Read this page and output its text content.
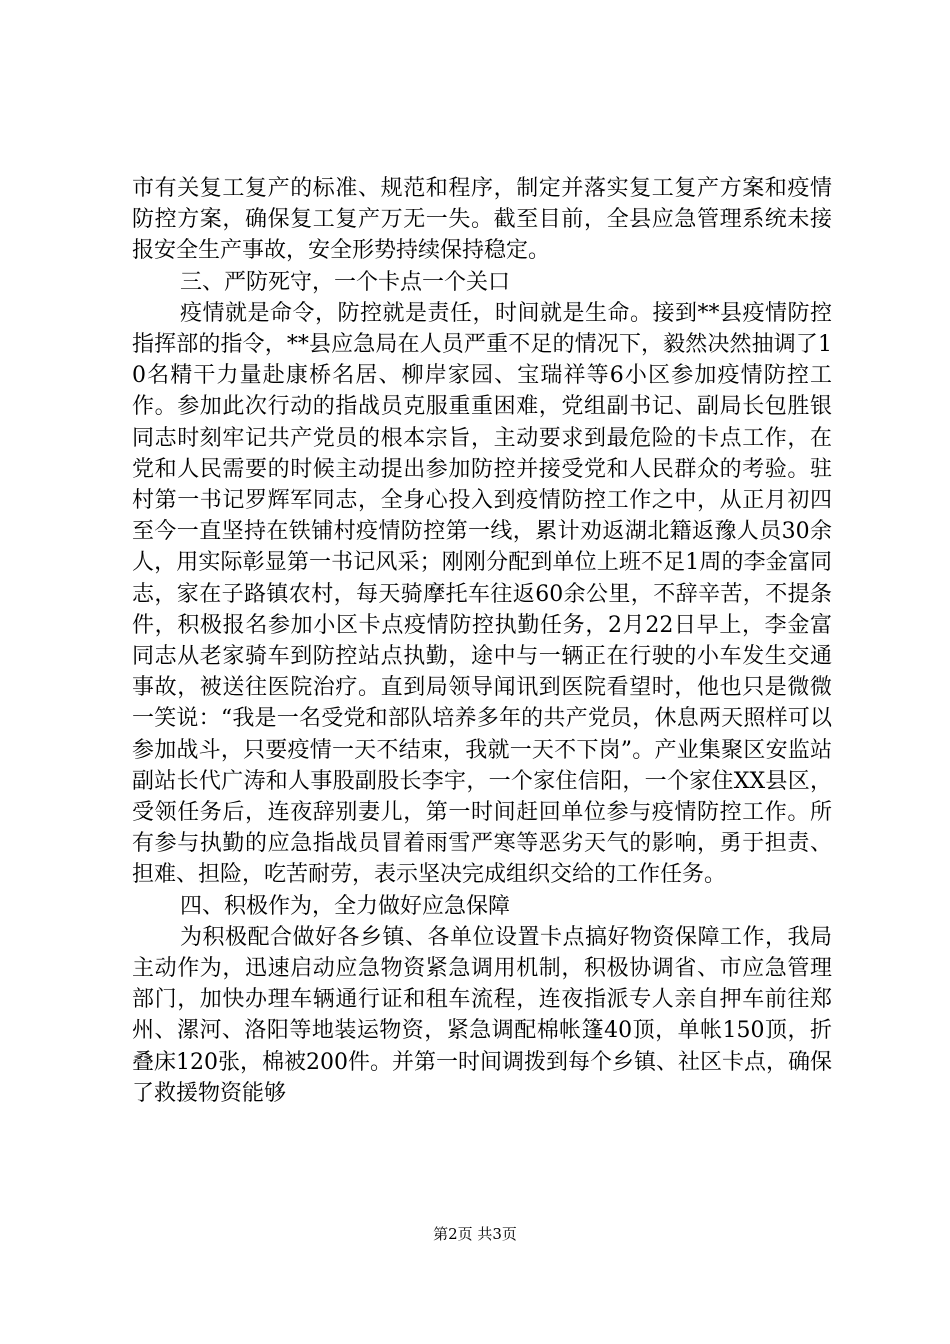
市有关复工复产的标准、规范和程序，制定并落实复工复产方案和疫情防控方案，确保复工复产万无一失。截至目前，全县应急管理系统未接报安全生产事故，安全形势持续保持稳定。

三、严防死守，一个卡点一个关口

疫情就是命令，防控就是责任，时间就是生命。接到**县疫情防控指挥部的指令，**县应急局在人员严重不足的情况下，毅然决然抽调了10名精干力量赴康桥名居、柳岸家园、宝瑞祥等6小区参加疫情防控工作。参加此次行动的指战员克服重重困难，党组副书记、副局长包胜银同志时刻牢记共产党员的根本宗旨，主动要求到最危险的卡点工作，在党和人民需要的时候主动提出参加防控并接受党和人民群众的考验。驻村第一书记罗辉军同志，全身心投入到疫情防控工作之中，从正月初四至今一直坚持在铁铺村疫情防控第一线，累计劝返湖北籍返豫人员30余人，用实际彰显第一书记风采；刚刚分配到单位上班不足1周的李金富同志，家在子路镇农村，每天骑摩托车往返60余公里，不辞辛苦，不提条件，积极报名参加小区卡点疫情防控执勤任务，2月22日早上，李金富同志从老家骑车到防控站点执勤，途中与一辆正在行驶的小车发生交通事故，被送往医院治疗。直到局领导闻讯到医院看望时，他也只是微微一笑说：“我是一名受党和部队培养多年的共产党员，休息两天照样可以参加战斗，只要疫情一天不结束，我就一天不下岗”。产业集聚区安监站副站长代广涛和人事股副股长李宇，一个家住信阳，一个家住XX县区，受领任务后，连夜辞别妻儿，第一时间赶回单位参与疫情防控工作。所有参与执勤的应急指战员冒着雨雪严寒等恶劣天气的影响，勇于担责、担难、担险，吃苦耐劳，表示坚决完成组织交给的工作任务。

四、积极作为，全力做好应急保障

为积极配合做好各乡镇、各单位设置卡点搞好物资保障工作，我局主动作为，迅速启动应急物资紧急调用机制，积极协调省、市应急管理部门，加快办理车辆通行证和租车流程，连夜指派专人亲自押车前往郑州、漯河、洛阳等地装运物资，紧急调配棉帐篷40顶，单帐150顶，折叠床120张，棉被200件。并第一时间调拨到每个乡镇、社区卡点，确保了救援物资能够

第2页 共3页
